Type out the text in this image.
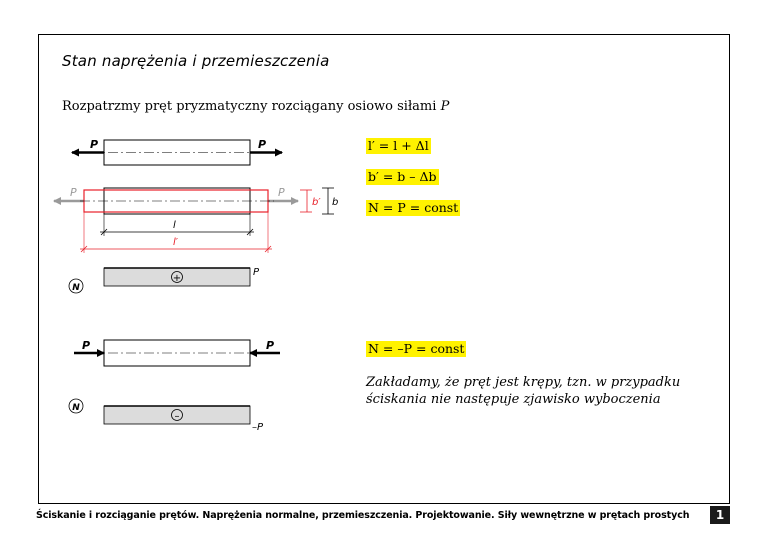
Stan naprężenia i przemieszczenia
Rozpatrzmy pręt pryzmatyczny rozciągany osiowo siłami P
P	P
P	P
b′ b
l
l′
N
+
P
P	P
N
–
–P
l′ = l + Δl
b′ = b – Δb
N = P = const
N = –P = const
Zakładamy, że pręt jest krępy, tzn. w przypadku ściskania nie następuje zjawisko wyboczenia
Ściskanie i rozciąganie prętów. Naprężenia normalne, przemieszczenia. Projektowanie. Siły wewnętrzne w prętach prostych	1
